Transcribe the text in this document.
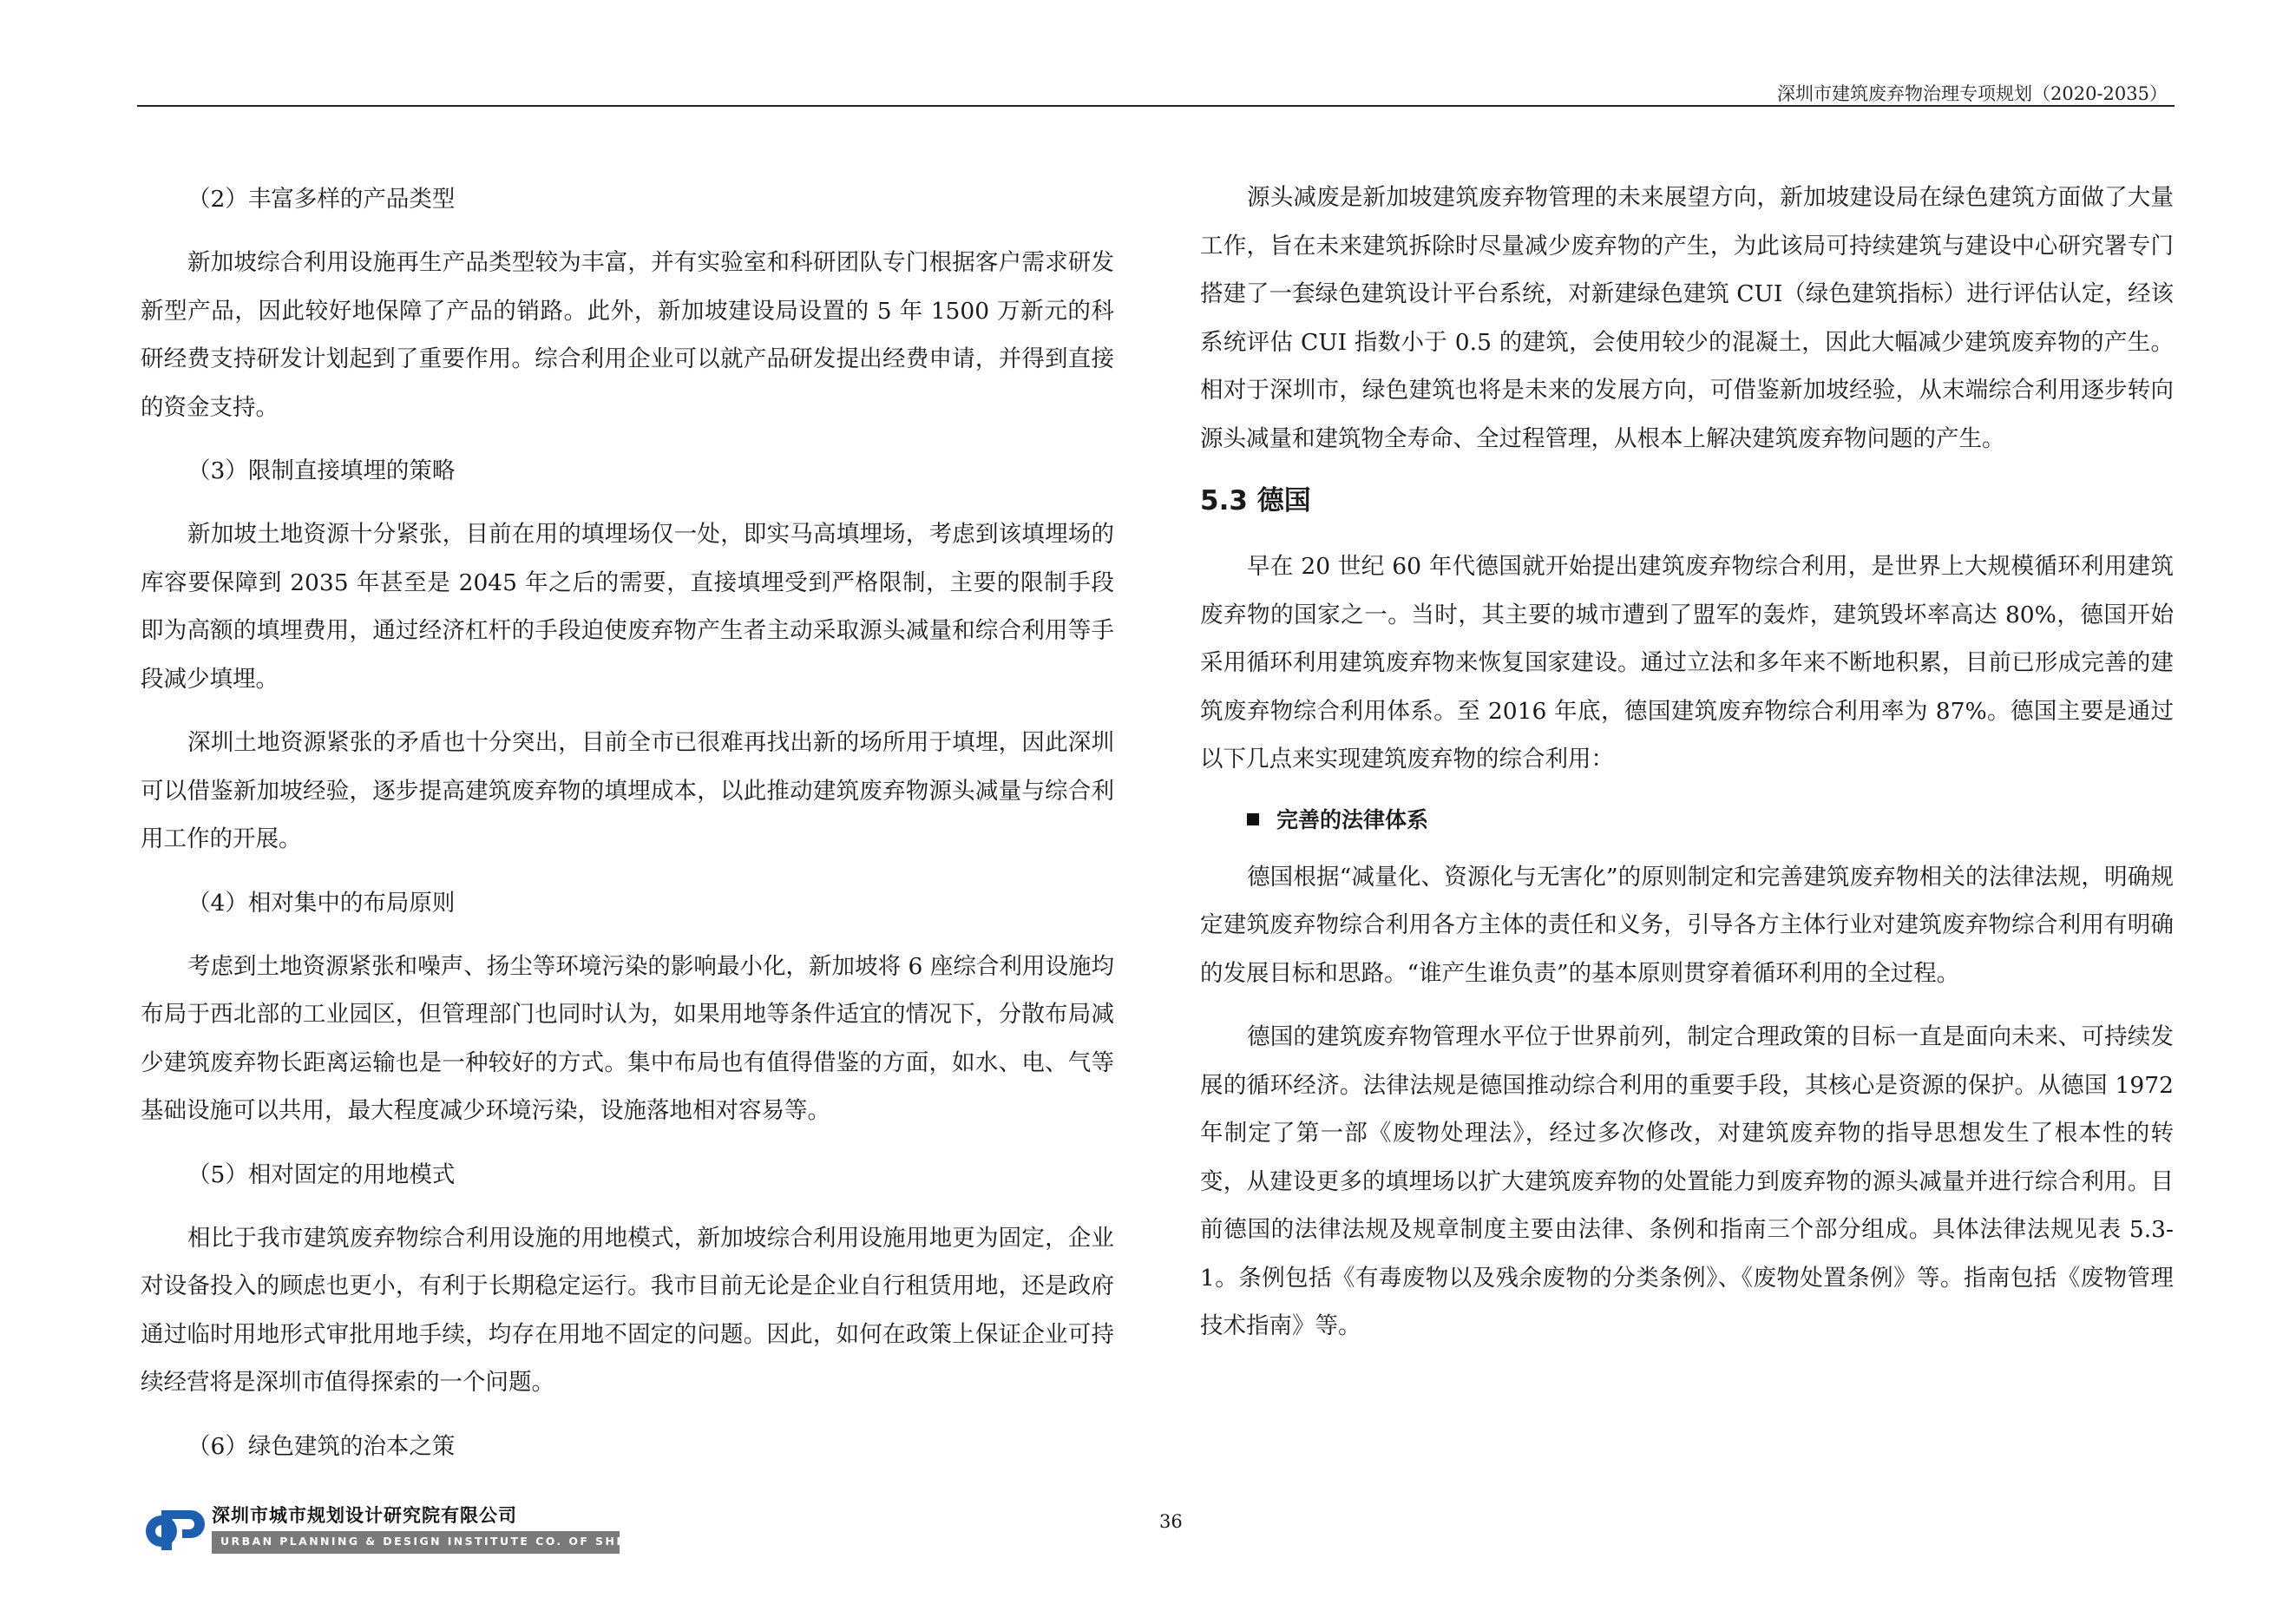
深圳市建筑废弃物治理专项规划（2020-2035）
（2）丰富多样的产品类型

新加坡综合利用设施再生产品类型较为丰富，并有实验室和科研团队专门根据客户需求研发新型产品，因此较好地保障了产品的销路。此外，新加坡建设局设置的 5 年 1500 万新元的科研经费支持研发计划起到了重要作用。综合利用企业可以就产品研发提出经费申请，并得到直接的资金支持。

（3）限制直接填埋的策略

新加坡土地资源十分紧张，目前在用的填埋场仅一处，即实马高填埋场，考虑到该填埋场的库容要保障到 2035 年甚至是 2045 年之后的需要，直接填埋受到严格限制，主要的限制手段即为高额的填埋费用，通过经济杠杆的手段迫使废弃物产生者主动采取源头减量和综合利用等手段减少填埋。

深圳土地资源紧张的矛盾也十分突出，目前全市已很难再找出新的场所用于填埋，因此深圳可以借鉴新加坡经验，逐步提高建筑废弃物的填埋成本，以此推动建筑废弃物源头减量与综合利用工作的开展。

（4）相对集中的布局原则

考虑到土地资源紧张和噪声、扬尘等环境污染的影响最小化，新加坡将 6 座综合利用设施均布局于西北部的工业园区，但管理部门也同时认为，如果用地等条件适宜的情况下，分散布局减少建筑废弃物长距离运输也是一种较好的方式。集中布局也有值得借鉴的方面，如水、电、气等基础设施可以共用，最大程度减少环境污染，设施落地相对容易等。

（5）相对固定的用地模式

相比于我市建筑废弃物综合利用设施的用地模式，新加坡综合利用设施用地更为固定，企业对设备投入的顾虑也更小，有利于长期稳定运行。我市目前无论是企业自行租赁用地，还是政府通过临时用地形式审批用地手续，均存在用地不固定的问题。因此，如何在政策上保证企业可持续经营将是深圳市值得探索的一个问题。

（6）绿色建筑的治本之策

源头减废是新加坡建筑废弃物管理的未来展望方向，新加坡建设局在绿色建筑方面做了大量工作，旨在未来建筑拆除时尽量减少废弃物的产生，为此该局可持续建筑与建设中心研究署专门搭建了一套绿色建筑设计平台系统，对新建绿色建筑 CUI（绿色建筑指标）进行评估认定，经该系统评估 CUI 指数小于 0.5 的建筑，会使用较少的混凝土，因此大幅减少建筑废弃物的产生。相对于深圳市，绿色建筑也将是未来的发展方向，可借鉴新加坡经验，从末端综合利用逐步转向源头减量和建筑物全寿命、全过程管理，从根本上解决建筑废弃物问题的产生。

5.3 德国

早在 20 世纪 60 年代德国就开始提出建筑废弃物综合利用，是世界上大规模循环利用建筑废弃物的国家之一。当时，其主要的城市遭到了盟军的轰炸，建筑毁坏率高达 80%，德国开始采用循环利用建筑废弃物来恢复国家建设。通过立法和多年来不断地积累，目前已形成完善的建筑废弃物综合利用体系。至 2016 年底，德国建筑废弃物综合利用率为 87%。德国主要是通过以下几点来实现建筑废弃物的综合利用：

完善的法律体系

德国根据“减量化、资源化与无害化”的原则制定和完善建筑废弃物相关的法律法规，明确规定建筑废弃物综合利用各方主体的责任和义务，引导各方主体行业对建筑废弃物综合利用有明确的发展目标和思路。“谁产生谁负责”的基本原则贯穿着循环利用的全过程。

德国的建筑废弃物管理水平位于世界前列，制定合理政策的目标一直是面向未来、可持续发展的循环经济。法律法规是德国推动综合利用的重要手段，其核心是资源的保护。从德国 1972 年制定了第一部《废物处理法》，经过多次修改，对建筑废弃物的指导思想发生了根本性的转变，从建设更多的填埋场以扩大建筑废弃物的处置能力到废弃物的源头减量并进行综合利用。目前德国的法律法规及规章制度主要由法律、条例和指南三个部分组成。具体法律法规见表 5.3-1。条例包括《有毒废物以及残余废物的分类条例》、《废物处置条例》等。指南包括《废物管理技术指南》等。

36
深圳市城市规划设计研究院有限公司
URBAN PLANNING & DESIGN INSTITUTE CO. OF SHENZHEN
